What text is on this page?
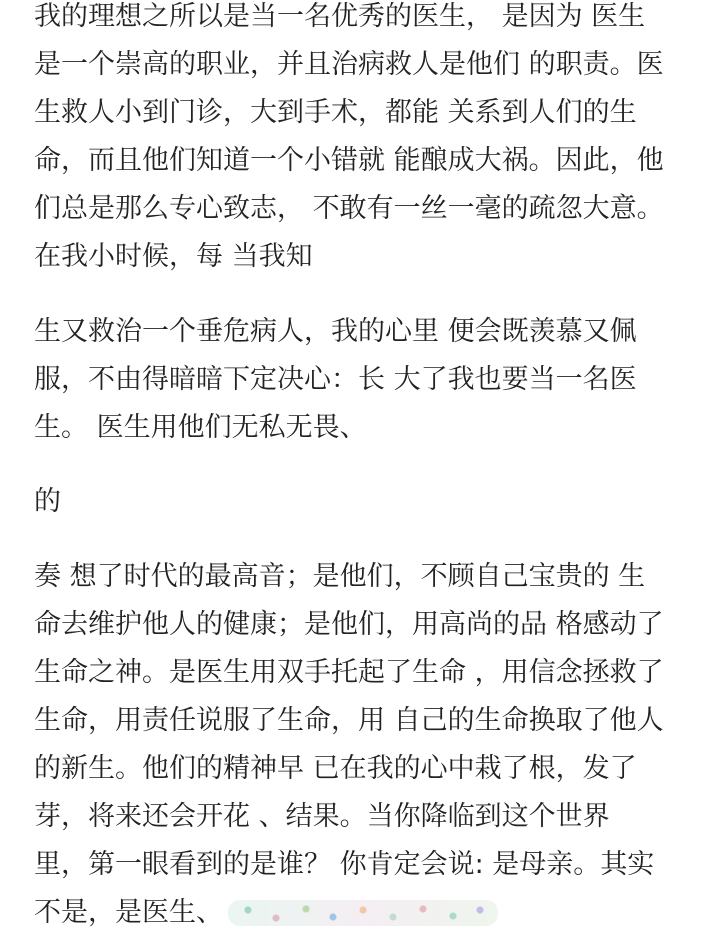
我的理想之所以是当一名优秀的医生， 是因为 医生
是一个崇高的职业，并且治病救人是他们 的职责。医
生救人小到门诊，大到手术，都能 关系到人们的生
命，而且他们知道一个小错就 能酿成大祸。因此，他
们总是那么专心致志， 不敢有一丝一毫的疏忽大意。
在我小时候，每 当我知
生又救治一个垂危病人，我的心里 便会既羡慕又佩
服，不由得暗暗下定决心：长 大了我也要当一名医
生。 医生用他们无私无畏、
的
奏 想了时代的最高音；是他们，不顾自己宝贵的 生
命去维护他人的健康；是他们，用高尚的品 格感动了
生命之神。是医生用双手托起了生命 ，用信念拯救了
生命，用责任说服了生命，用 自己的生命换取了他人
的新生。他们的精神早 已在我的心中栽了根，发了
芽，将来还会开花 、结果。当你降临到这个世界
里，第一眼看到的是谁？ 你肯定会说: 是母亲。其实
不是，是医生、
